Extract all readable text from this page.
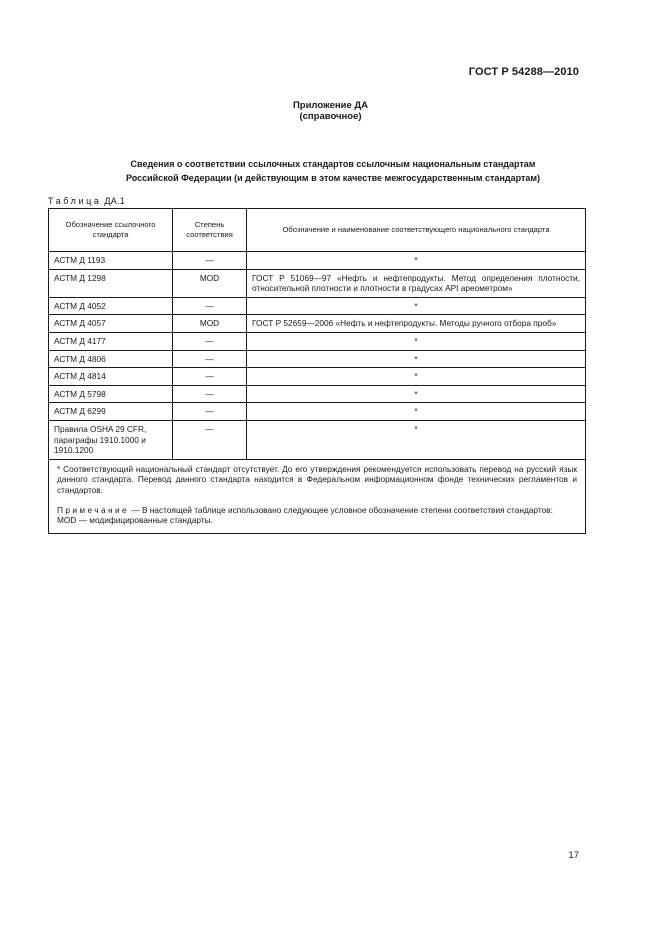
ГОСТ Р 54288—2010
Приложение ДА
(справочное)
Сведения о соответствии ссылочных стандартов ссылочным национальным стандартам
Российской Федерации (и действующим в этом качестве межгосударственным стандартам)
Таблица ДА.1
Обозначение ссылочного стандарта	Степень соответствия	Обозначение и наименование соответствующего национального стандарта
АСТМ Д 1193	—	*
АСТМ Д 1298	MOD	ГОСТ Р 51069—97 «Нефть и нефтепродукты. Метод определения плотности, относительной плотности и плотности в градусах API ареометром»
АСТМ Д 4052	—	*
АСТМ Д 4057	MOD	ГОСТ Р 52659—2006 «Нефть и нефтепродукты. Методы ручного отбора проб»
АСТМ Д 4177	—	*
АСТМ Д 4806	—	*
АСТМ Д 4814	—	*
АСТМ Д 5798	—	*
АСТМ Д 6299	—	*
Правила OSHA 29 CFR, параграфы 1910.1000 и 1910.1200	—	*

* Соответствующий национальный стандарт отсутствует. До его утверждения рекомендуется использовать перевод на русский язык данного стандарта. Перевод данного стандарта находится в Федеральном информационном фонде технических регламентов и стандартов.

Примечание — В настоящей таблице использовано следующее условное обозначение степени соответствия стандартов:

MOD — модифицированные стандарты.		

17
